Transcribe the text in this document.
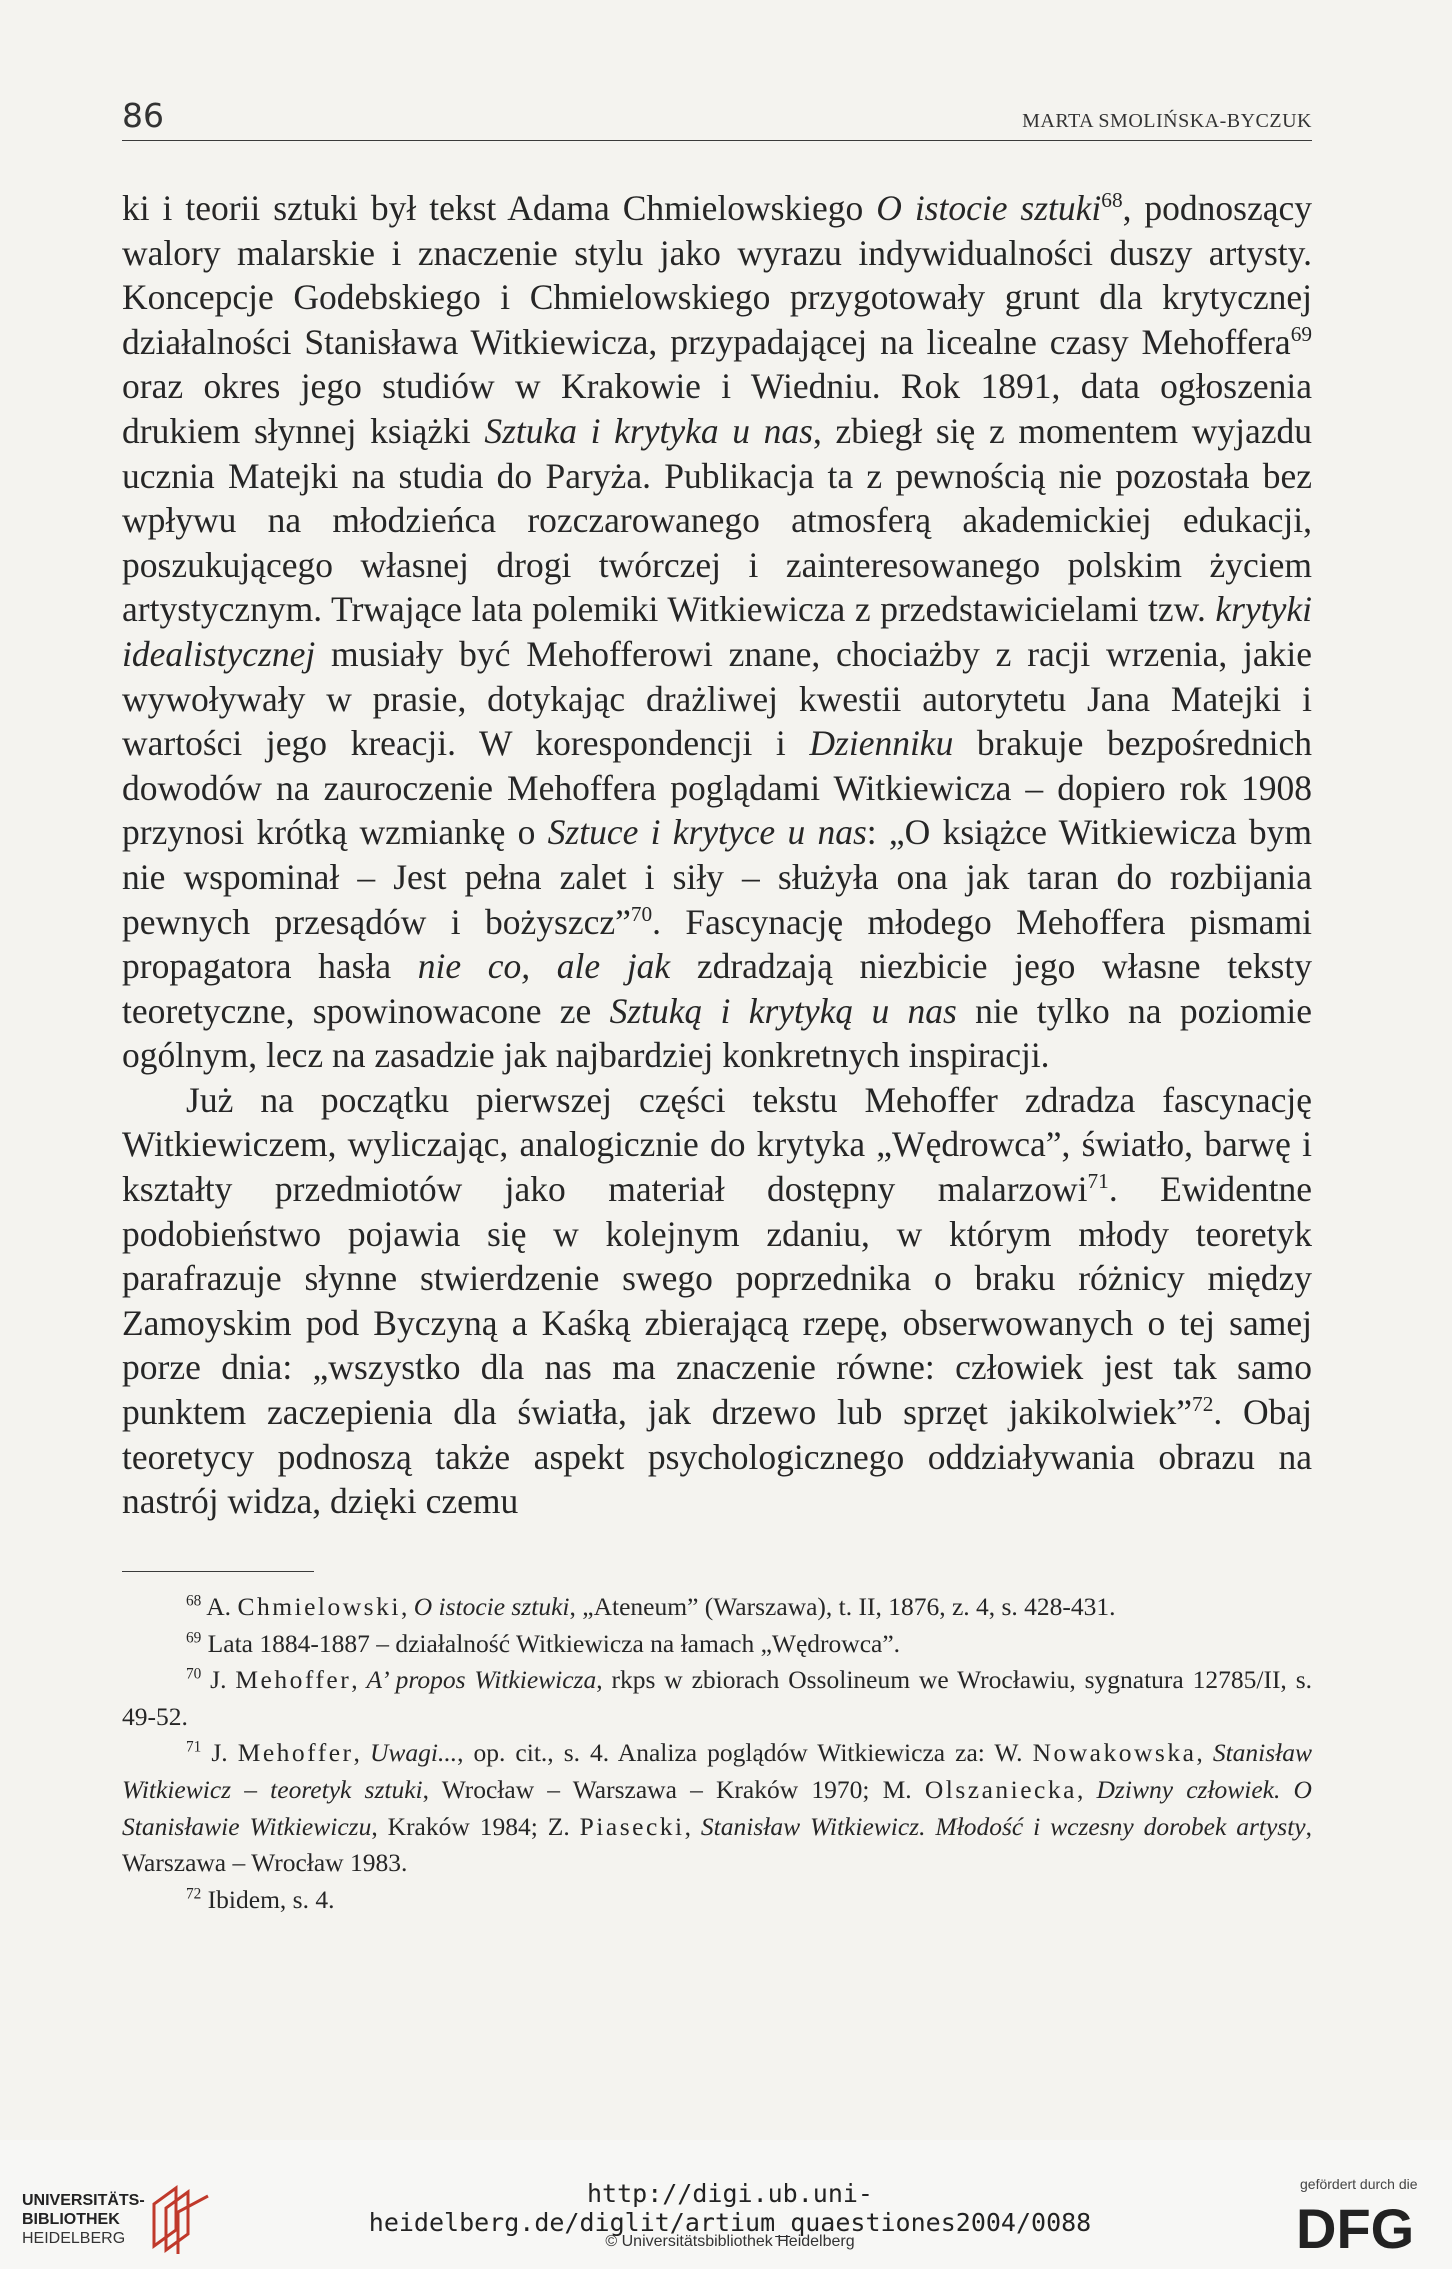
86	MARTA SMOLIŃSKA-BYCZUK

ki i teorii sztuki był tekst Adama Chmielowskiego O istocie sztuki$^{68}$, podnoszący walory malarskie i znaczenie stylu jako wyrazu indywidualności duszy artysty. Koncepcje Godebskiego i Chmielowskiego przygotowały grunt dla krytycznej działalności Stanisława Witkiewicza, przypadającej na licealne czasy Mehoffera$^{69}$ oraz okres jego studiów w Krakowie i Wiedniu. Rok 1891, data ogłoszenia drukiem słynnej książki Sztuka i krytyka u nas, zbiegł się z momentem wyjazdu ucznia Matejki na studia do Paryża. Publikacja ta z pewnością nie pozostała bez wpływu na młodzieńca rozczarowanego atmosferą akademickiej edukacji, poszukującego własnej drogi twórczej i zainteresowanego polskim życiem artystycznym. Trwające lata polemiki Witkiewicza z przedstawicielami tzw. krytyki idealistycznej musiały być Mehofferowi znane, chociażby z racji wrzenia, jakie wywoływały w prasie, dotykając drażliwej kwestii autorytetu Jana Matejki i wartości jego kreacji. W korespondencji i Dzienniku brakuje bezpośrednich dowodów na zauroczenie Mehoffera poglądami Witkiewicza – dopiero rok 1908 przynosi krótką wzmiankę o Sztuce i krytyce u nas: „O książce Witkiewicza bym nie wspominał – Jest pełna zalet i siły – służyła ona jak taran do rozbijania pewnych przesądów i bożyszcz”$^{70}$. Fascynację młodego Mehoffera pismami propagatora hasła nie co, ale jak zdradzają niezbicie jego własne teksty teoretyczne, spowinowacone ze Sztuką i krytyką u nas nie tylko na poziomie ogólnym, lecz na zasadzie jak najbardziej konkretnych inspiracji.

Już na początku pierwszej części tekstu Mehoffer zdradza fascynację Witkiewiczem, wyliczając, analogicznie do krytyka „Wędrowca”, światło, barwę i kształty przedmiotów jako materiał dostępny malarzowi$^{71}$. Ewidentne podobieństwo pojawia się w kolejnym zdaniu, w którym młody teoretyk parafrazuje słynne stwierdzenie swego poprzednika o braku różnicy między Zamoyskim pod Byczyną a Kaśką zbierającą rzepę, obserwowanych o tej samej porze dnia: „wszystko dla nas ma znaczenie równe: człowiek jest tak samo punktem zaczepienia dla światła, jak drzewo lub sprzęt jakikolwiek”$^{72}$. Obaj teoretycy podnoszą także aspekt psychologicznego oddziaływania obrazu na nastrój widza, dzięki czemu

$^{68}$ A. Chmielowski, O istocie sztuki, „Ateneum” (Warszawa), t. II, 1876, z. 4, s. 428-431.

$^{69}$ Lata 1884-1887 – działalność Witkiewicza na łamach „Wędrowca”.

$^{70}$ J. Mehoffer, A’ propos Witkiewicza, rkps w zbiorach Ossolineum we Wrocławiu, sygnatura 12785/II, s. 49-52.

$^{71}$ J. Mehoffer, Uwagi..., op. cit., s. 4. Analiza poglądów Witkiewicza za: W. Nowakowska, Stanisław Witkiewicz – teoretyk sztuki, Wrocław – Warszawa – Kraków 1970; M. Olszaniecka, Dziwny człowiek. O Stanisławie Witkiewiczu, Kraków 1984; Z. Piasecki, Stanisław Witkiewicz. Młodość i wczesny dorobek artysty, Warszawa – Wrocław 1983.

$^{72}$ Ibidem, s. 4.

UNIVERSITÄTS-
BIBLIOTHEK
HEIDELBERG
http://digi.ub.uni-heidelberg.de/diglit/artium_quaestiones2004/0088
© Universitätsbibliothek Heidelberg
gefördert durch die
DFG
